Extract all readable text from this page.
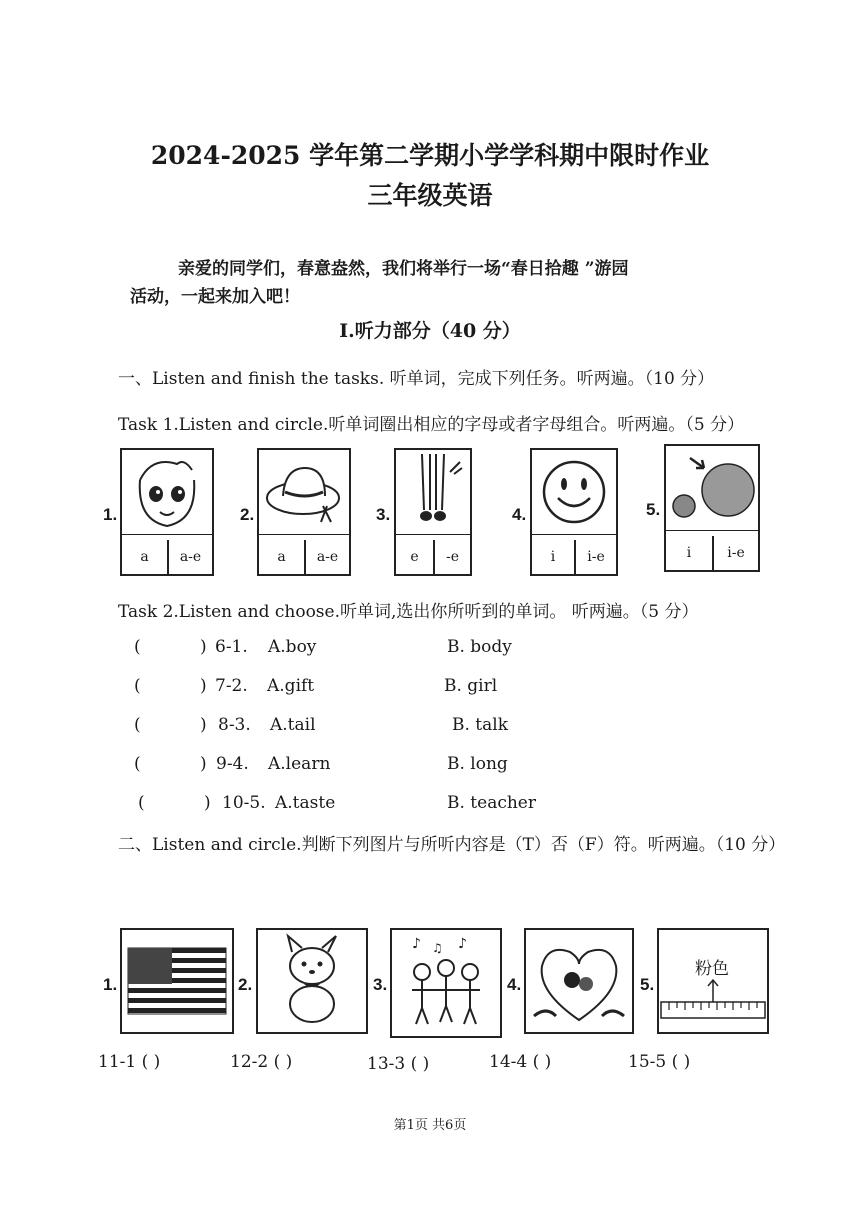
2024-2025 学年第二学期小学学科期中限时作业
三年级英语
亲爱的同学们，春意盎然，我们将举行一场“春日拾趣 ”游园
活动，一起来加入吧！
I.听力部分（40 分）
一、Listen and finish the tasks. 听单词，完成下列任务。听两遍。（10 分）
Task 1.Listen and circle.听单词圈出相应的字母或者字母组合。听两遍。（5 分）
1.
a	a-e
2.
a	a-e
3.
e	-e
4.
i	i-e
5.
i	i-e
Task 2.Listen and choose.听单词,选出你所听到的单词。 听两遍。（5 分）
(	) 6-1. A.boy	B. body
(	) 7-2. A.gift	B. girl
(	) 8-3. A.tail	B. talk
(	) 9-4. A.learn	B. long
(	) 10-5. A.taste	B. teacher
二、Listen and circle.判断下列图片与所听内容是（T）否（F）符。听两遍。（10 分）
1.	2.	3.
♪ ♫ ♪
4.	5.
粉色
11-1 ( )	12-2 ( )	13-3 ( )	14-4 ( )	15-5 ( )
第1页 共6页
